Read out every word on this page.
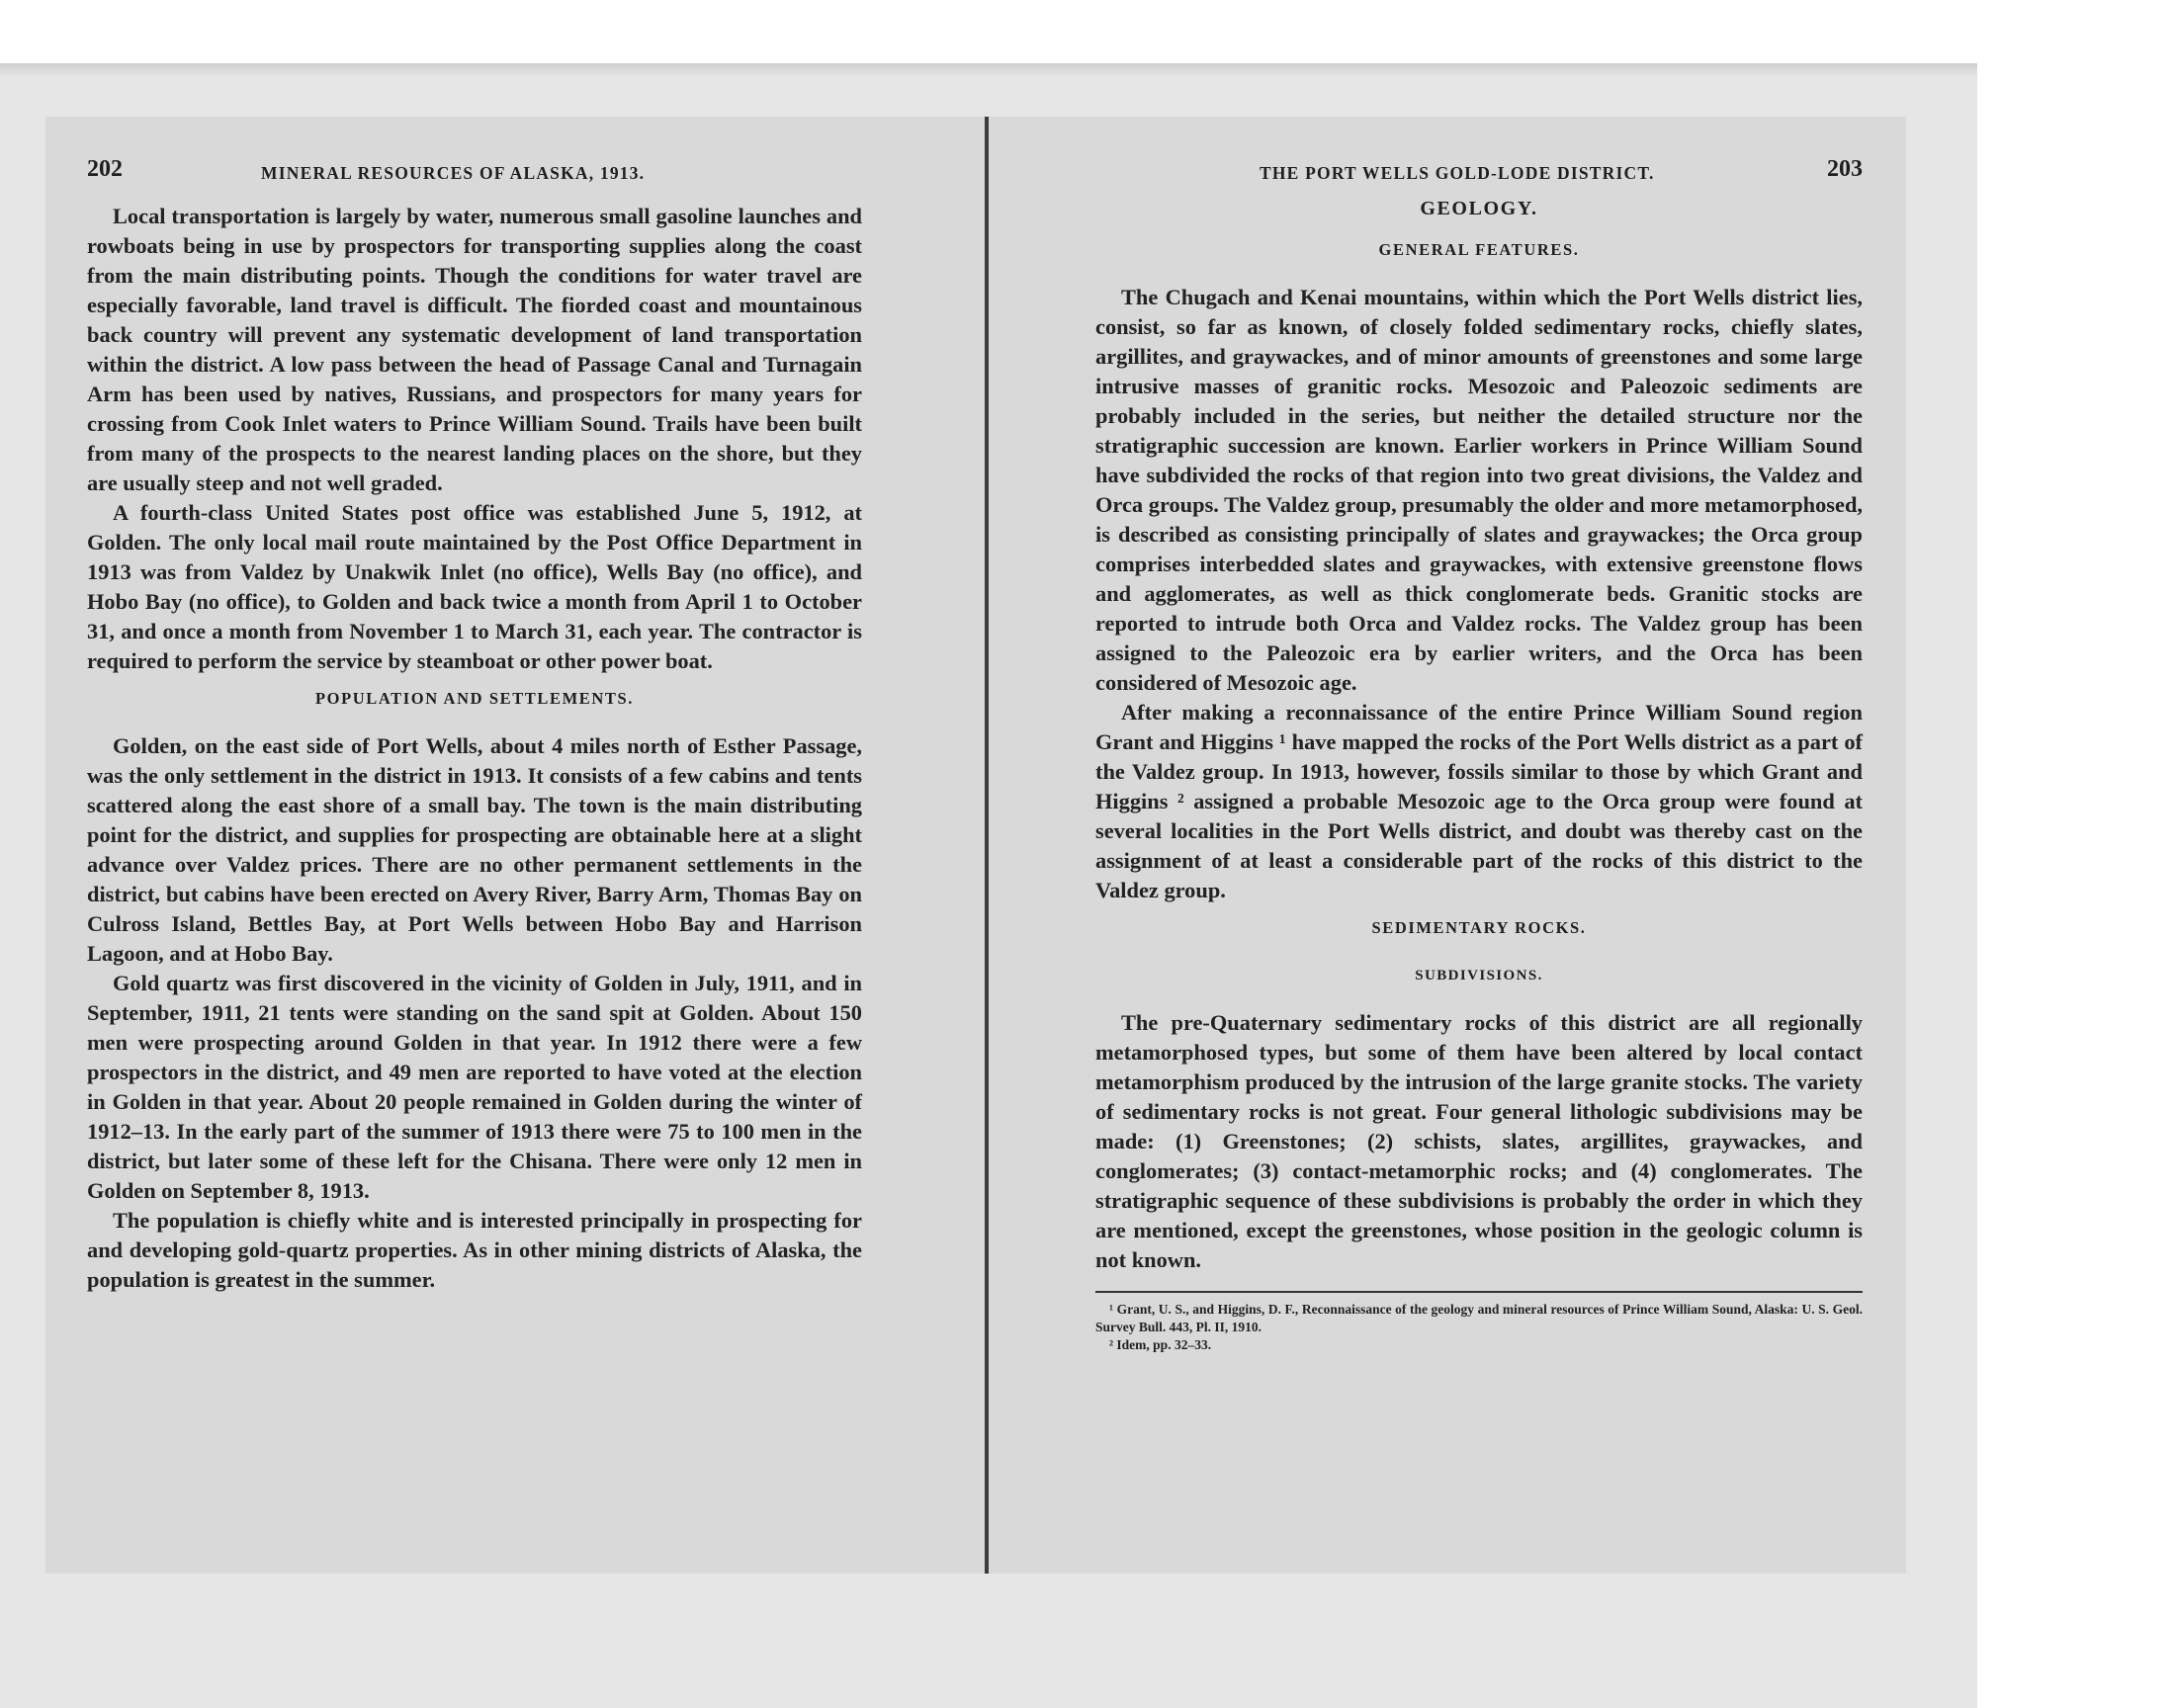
202	MINERAL RESOURCES OF ALASKA, 1913.

Local transportation is largely by water, numerous small gasoline launches and rowboats being in use by prospectors for transporting supplies along the coast from the main distributing points. Though the conditions for water travel are especially favorable, land travel is difficult. The fiorded coast and mountainous back country will prevent any systematic development of land transportation within the district. A low pass between the head of Passage Canal and Turnagain Arm has been used by natives, Russians, and prospectors for many years for crossing from Cook Inlet waters to Prince William Sound. Trails have been built from many of the prospects to the nearest landing places on the shore, but they are usually steep and not well graded.

A fourth-class United States post office was established June 5, 1912, at Golden. The only local mail route maintained by the Post Office Department in 1913 was from Valdez by Unakwik Inlet (no office), Wells Bay (no office), and Hobo Bay (no office), to Golden and back twice a month from April 1 to October 31, and once a month from November 1 to March 31, each year. The contractor is required to perform the service by steamboat or other power boat.

POPULATION AND SETTLEMENTS.

Golden, on the east side of Port Wells, about 4 miles north of Esther Passage, was the only settlement in the district in 1913. It consists of a few cabins and tents scattered along the east shore of a small bay. The town is the main distributing point for the district, and supplies for prospecting are obtainable here at a slight advance over Valdez prices. There are no other permanent settlements in the district, but cabins have been erected on Avery River, Barry Arm, Thomas Bay on Culross Island, Bettles Bay, at Port Wells between Hobo Bay and Harrison Lagoon, and at Hobo Bay.

Gold quartz was first discovered in the vicinity of Golden in July, 1911, and in September, 1911, 21 tents were standing on the sand spit at Golden. About 150 men were prospecting around Golden in that year. In 1912 there were a few prospectors in the district, and 49 men are reported to have voted at the election in Golden in that year. About 20 people remained in Golden during the winter of 1912–13. In the early part of the summer of 1913 there were 75 to 100 men in the district, but later some of these left for the Chisana. There were only 12 men in Golden on September 8, 1913.

The population is chiefly white and is interested principally in prospecting for and developing gold-quartz properties. As in other mining districts of Alaska, the population is greatest in the summer.

THE PORT WELLS GOLD-LODE DISTRICT.	203
GEOLOGY.
GENERAL FEATURES.

The Chugach and Kenai mountains, within which the Port Wells district lies, consist, so far as known, of closely folded sedimentary rocks, chiefly slates, argillites, and graywackes, and of minor amounts of greenstones and some large intrusive masses of granitic rocks. Mesozoic and Paleozoic sediments are probably included in the series, but neither the detailed structure nor the stratigraphic succession are known. Earlier workers in Prince William Sound have subdivided the rocks of that region into two great divisions, the Valdez and Orca groups. The Valdez group, presumably the older and more metamorphosed, is described as consisting principally of slates and graywackes; the Orca group comprises interbedded slates and graywackes, with extensive greenstone flows and agglomerates, as well as thick conglomerate beds. Granitic stocks are reported to intrude both Orca and Valdez rocks. The Valdez group has been assigned to the Paleozoic era by earlier writers, and the Orca has been considered of Mesozoic age.

After making a reconnaissance of the entire Prince William Sound region Grant and Higgins ¹ have mapped the rocks of the Port Wells district as a part of the Valdez group. In 1913, however, fossils similar to those by which Grant and Higgins ² assigned a probable Mesozoic age to the Orca group were found at several localities in the Port Wells district, and doubt was thereby cast on the assignment of at least a considerable part of the rocks of this district to the Valdez group.

SEDIMENTARY ROCKS.
SUBDIVISIONS.

The pre-Quaternary sedimentary rocks of this district are all regionally metamorphosed types, but some of them have been altered by local contact metamorphism produced by the intrusion of the large granite stocks. The variety of sedimentary rocks is not great. Four general lithologic subdivisions may be made: (1) Greenstones; (2) schists, slates, argillites, graywackes, and conglomerates; (3) contact-metamorphic rocks; and (4) conglomerates. The stratigraphic sequence of these subdivisions is probably the order in which they are mentioned, except the greenstones, whose position in the geologic column is not known.

¹ Grant, U. S., and Higgins, D. F., Reconnaissance of the geology and mineral resources of Prince William Sound, Alaska: U. S. Geol. Survey Bull. 443, Pl. II, 1910.

² Idem, pp. 32–33.
